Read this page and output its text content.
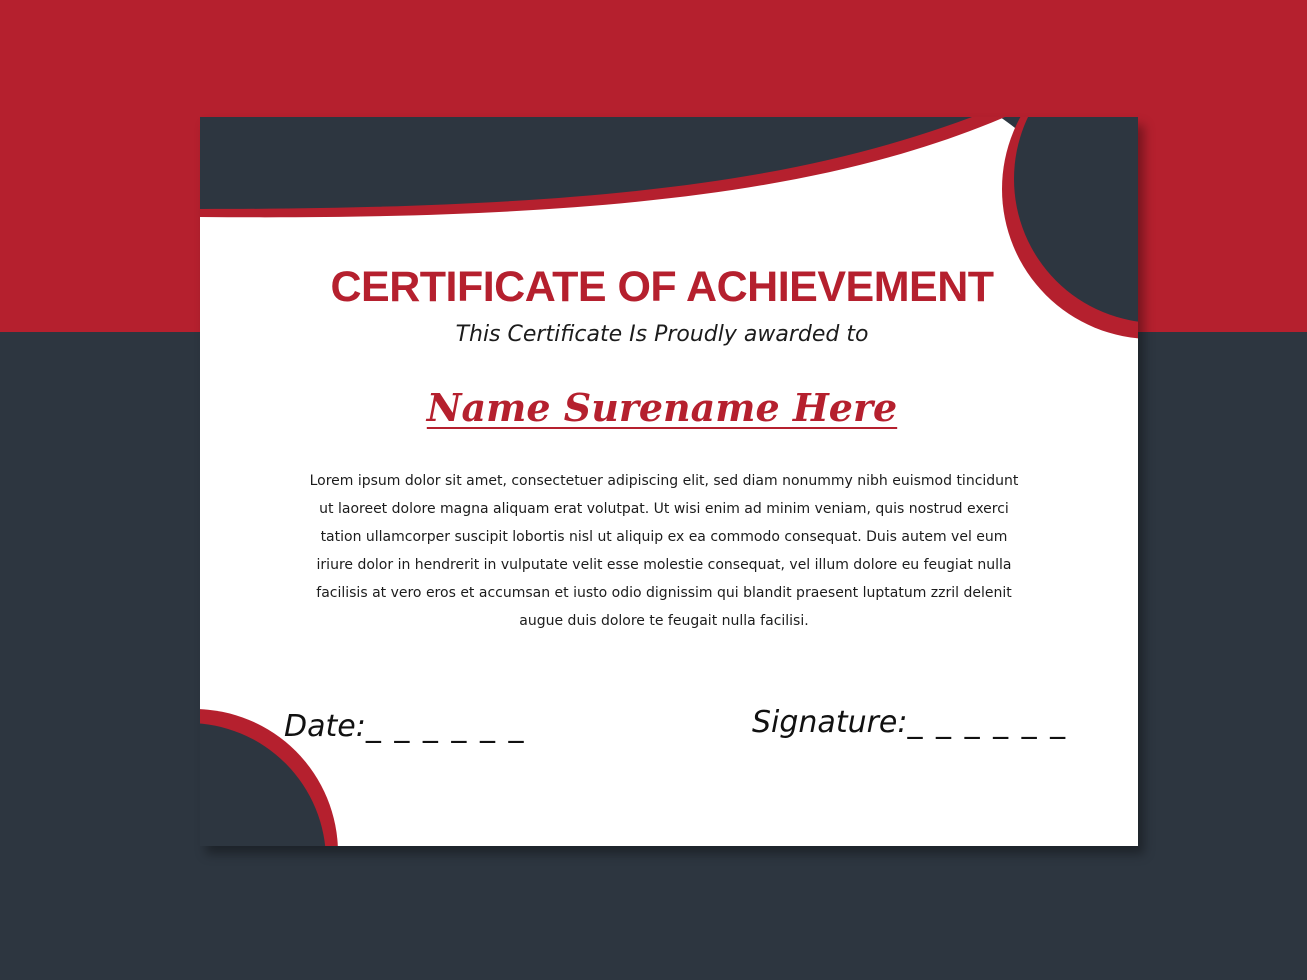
CERTIFICATE OF ACHIEVEMENT
This Certificate Is Proudly awarded to
Name Surename Here
Lorem ipsum dolor sit amet, consectetuer adipiscing elit, sed diam nonummy nibh euismod tincidunt ut laoreet dolore magna aliquam erat volutpat. Ut wisi enim ad minim veniam, quis nostrud exerci tation ullamcorper suscipit lobortis nisl ut aliquip ex ea commodo consequat. Duis autem vel eum iriure dolor in hendrerit in vulputate velit esse molestie consequat, vel illum dolore eu feugiat nulla facilisis at vero eros et accumsan et iusto odio dignissim qui blandit praesent luptatum zzril delenit augue duis dolore te feugait nulla facilisi.
Date:_ _ _ _ _ _	Signature:_ _ _ _ _ _
